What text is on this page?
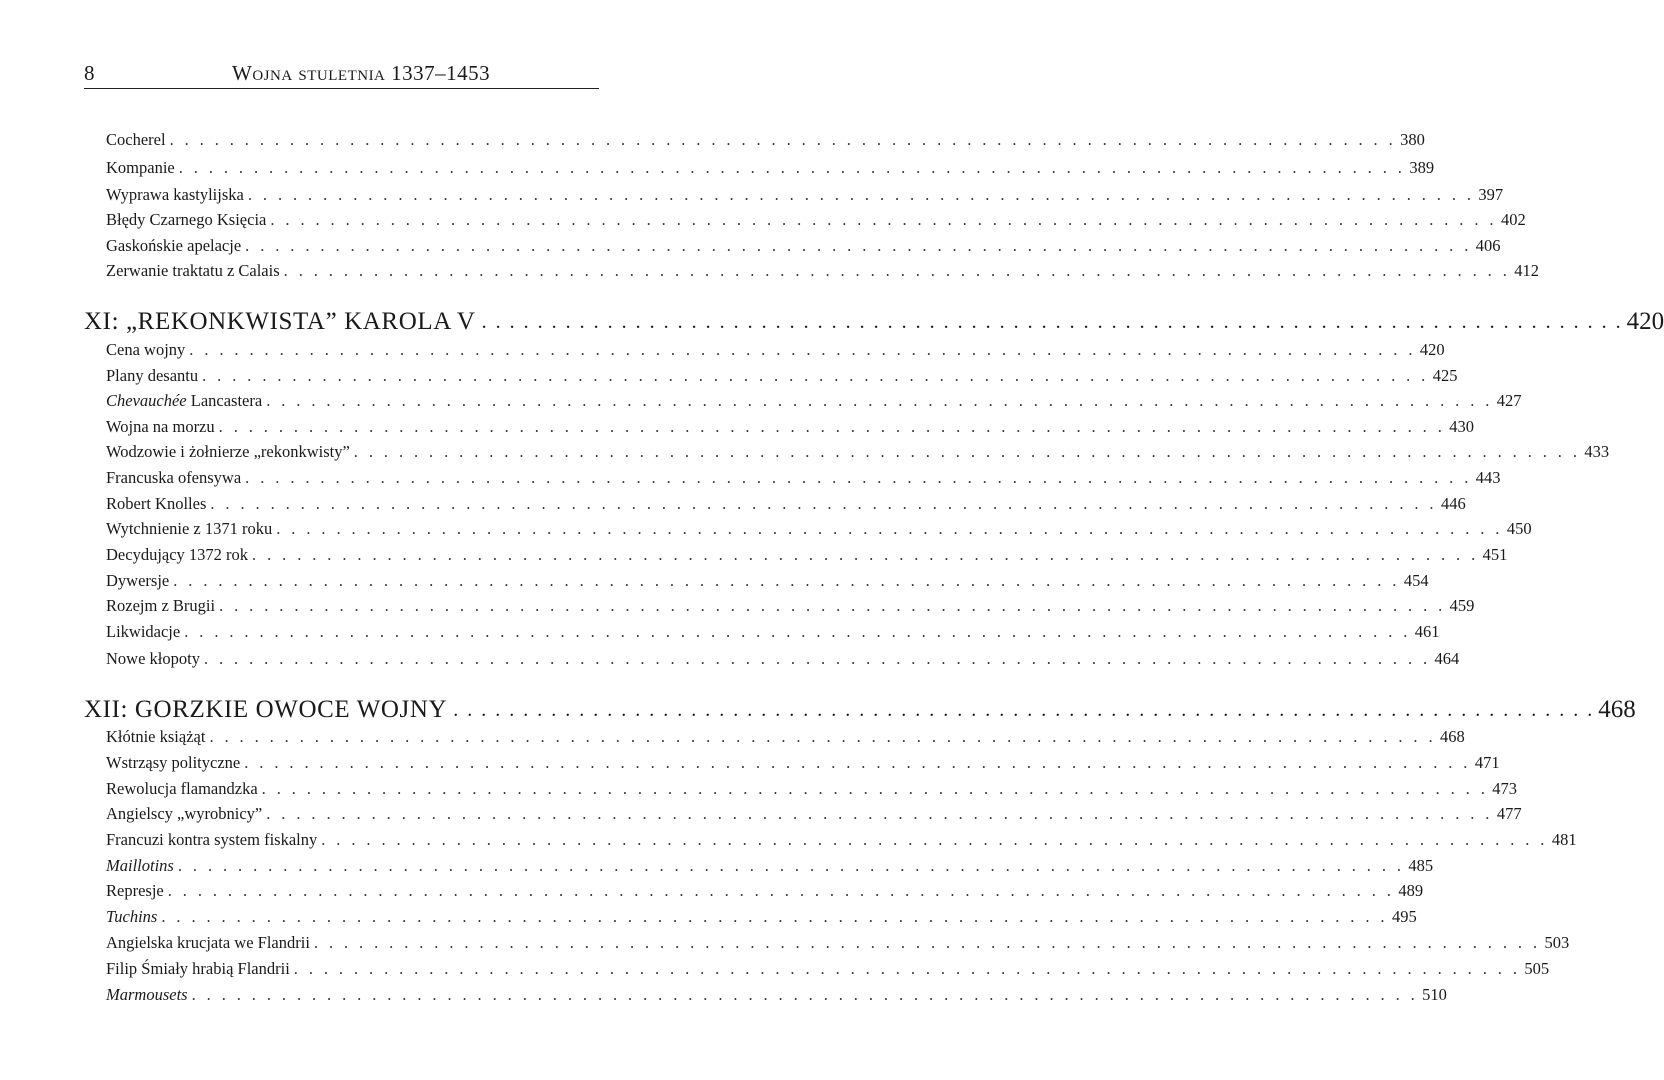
8	Wojna stuletnia 1337–1453
Cocherel . . . . . . . . . . . . . . . . . . . . . . . . . . . . . . . . . . . . . . . . . . . . . . . . . . . . . . . . . . . . . . . . . . . . . . . . . . . . . . . . . . 380
Kompanie . . . . . . . . . . . . . . . . . . . . . . . . . . . . . . . . . . . . . . . . . . . . . . . . . . . . . . . . . . . . . . . . . . . . . . . . . . . . . . . . . . 389
Wyprawa kastylijska . . . . . . . . . . . . . . . . . . . . . . . . . . . . . . . . . . . . . . . . . . . . . . . . . . . . . . . . . . . . . . . . . . . . . . . . . . . . . . . . . . 397
Błędy Czarnego Księcia . . . . . . . . . . . . . . . . . . . . . . . . . . . . . . . . . . . . . . . . . . . . . . . . . . . . . . . . . . . . . . . . . . . . . . . . . . . . . . . . . . 402
Gaskońskie apelacje . . . . . . . . . . . . . . . . . . . . . . . . . . . . . . . . . . . . . . . . . . . . . . . . . . . . . . . . . . . . . . . . . . . . . . . . . . . . . . . . . . 406
Zerwanie traktatu z Calais . . . . . . . . . . . . . . . . . . . . . . . . . . . . . . . . . . . . . . . . . . . . . . . . . . . . . . . . . . . . . . . . . . . . . . . . . . . . . . . . . . 412
XI: „REKONKWISTA” KAROLA V . . . . . . . . . . . . . . . . . . . . . . . . . . . . . . . . . . . . . . . . . . . . . . . . . . . . . . . . . . . . . . . . . . . . . . . . . . . . . . . . . . 420
Cena wojny . . . . . . . . . . . . . . . . . . . . . . . . . . . . . . . . . . . . . . . . . . . . . . . . . . . . . . . . . . . . . . . . . . . . . . . . . . . . . . . . . . 420
Plany desantu . . . . . . . . . . . . . . . . . . . . . . . . . . . . . . . . . . . . . . . . . . . . . . . . . . . . . . . . . . . . . . . . . . . . . . . . . . . . . . . . . . 425
Chevauchée Lancastera . . . . . . . . . . . . . . . . . . . . . . . . . . . . . . . . . . . . . . . . . . . . . . . . . . . . . . . . . . . . . . . . . . . . . . . . . . . . . . . . . . 427
Wojna na morzu . . . . . . . . . . . . . . . . . . . . . . . . . . . . . . . . . . . . . . . . . . . . . . . . . . . . . . . . . . . . . . . . . . . . . . . . . . . . . . . . . . 430
Wodzowie i żołnierze „rekonkwisty” . . . . . . . . . . . . . . . . . . . . . . . . . . . . . . . . . . . . . . . . . . . . . . . . . . . . . . . . . . . . . . . . . . . . . . . . . . . . . . . . . . 433
Francuska ofensywa . . . . . . . . . . . . . . . . . . . . . . . . . . . . . . . . . . . . . . . . . . . . . . . . . . . . . . . . . . . . . . . . . . . . . . . . . . . . . . . . . . 443
Robert Knolles . . . . . . . . . . . . . . . . . . . . . . . . . . . . . . . . . . . . . . . . . . . . . . . . . . . . . . . . . . . . . . . . . . . . . . . . . . . . . . . . . . 446
Wytchnienie z 1371 roku . . . . . . . . . . . . . . . . . . . . . . . . . . . . . . . . . . . . . . . . . . . . . . . . . . . . . . . . . . . . . . . . . . . . . . . . . . . . . . . . . . 450
Decydujący 1372 rok . . . . . . . . . . . . . . . . . . . . . . . . . . . . . . . . . . . . . . . . . . . . . . . . . . . . . . . . . . . . . . . . . . . . . . . . . . . . . . . . . . 451
Dywersje . . . . . . . . . . . . . . . . . . . . . . . . . . . . . . . . . . . . . . . . . . . . . . . . . . . . . . . . . . . . . . . . . . . . . . . . . . . . . . . . . . 454
Rozejm z Brugii . . . . . . . . . . . . . . . . . . . . . . . . . . . . . . . . . . . . . . . . . . . . . . . . . . . . . . . . . . . . . . . . . . . . . . . . . . . . . . . . . . 459
Likwidacje . . . . . . . . . . . . . . . . . . . . . . . . . . . . . . . . . . . . . . . . . . . . . . . . . . . . . . . . . . . . . . . . . . . . . . . . . . . . . . . . . . 461
Nowe kłopoty . . . . . . . . . . . . . . . . . . . . . . . . . . . . . . . . . . . . . . . . . . . . . . . . . . . . . . . . . . . . . . . . . . . . . . . . . . . . . . . . . . 464
XII: GORZKIE OWOCE WOJNY . . . . . . . . . . . . . . . . . . . . . . . . . . . . . . . . . . . . . . . . . . . . . . . . . . . . . . . . . . . . . . . . . . . . . . . . . . . . . . . . . . 468
Kłótnie książąt . . . . . . . . . . . . . . . . . . . . . . . . . . . . . . . . . . . . . . . . . . . . . . . . . . . . . . . . . . . . . . . . . . . . . . . . . . . . . . . . . . 468
Wstrząsy polityczne . . . . . . . . . . . . . . . . . . . . . . . . . . . . . . . . . . . . . . . . . . . . . . . . . . . . . . . . . . . . . . . . . . . . . . . . . . . . . . . . . . 471
Rewolucja flamandzka . . . . . . . . . . . . . . . . . . . . . . . . . . . . . . . . . . . . . . . . . . . . . . . . . . . . . . . . . . . . . . . . . . . . . . . . . . . . . . . . . . 473
Angielscy „wyrobnicy” . . . . . . . . . . . . . . . . . . . . . . . . . . . . . . . . . . . . . . . . . . . . . . . . . . . . . . . . . . . . . . . . . . . . . . . . . . . . . . . . . . 477
Francuzi kontra system fiskalny . . . . . . . . . . . . . . . . . . . . . . . . . . . . . . . . . . . . . . . . . . . . . . . . . . . . . . . . . . . . . . . . . . . . . . . . . . . . . . . . . . 481
Maillotins . . . . . . . . . . . . . . . . . . . . . . . . . . . . . . . . . . . . . . . . . . . . . . . . . . . . . . . . . . . . . . . . . . . . . . . . . . . . . . . . . . 485
Represje . . . . . . . . . . . . . . . . . . . . . . . . . . . . . . . . . . . . . . . . . . . . . . . . . . . . . . . . . . . . . . . . . . . . . . . . . . . . . . . . . . 489
Tuchins . . . . . . . . . . . . . . . . . . . . . . . . . . . . . . . . . . . . . . . . . . . . . . . . . . . . . . . . . . . . . . . . . . . . . . . . . . . . . . . . . . 495
Angielska krucjata we Flandrii . . . . . . . . . . . . . . . . . . . . . . . . . . . . . . . . . . . . . . . . . . . . . . . . . . . . . . . . . . . . . . . . . . . . . . . . . . . . . . . . . . 503
Filip Śmiały hrabią Flandrii . . . . . . . . . . . . . . . . . . . . . . . . . . . . . . . . . . . . . . . . . . . . . . . . . . . . . . . . . . . . . . . . . . . . . . . . . . . . . . . . . . 505
Marmousets . . . . . . . . . . . . . . . . . . . . . . . . . . . . . . . . . . . . . . . . . . . . . . . . . . . . . . . . . . . . . . . . . . . . . . . . . . . . . . . . . . 510
